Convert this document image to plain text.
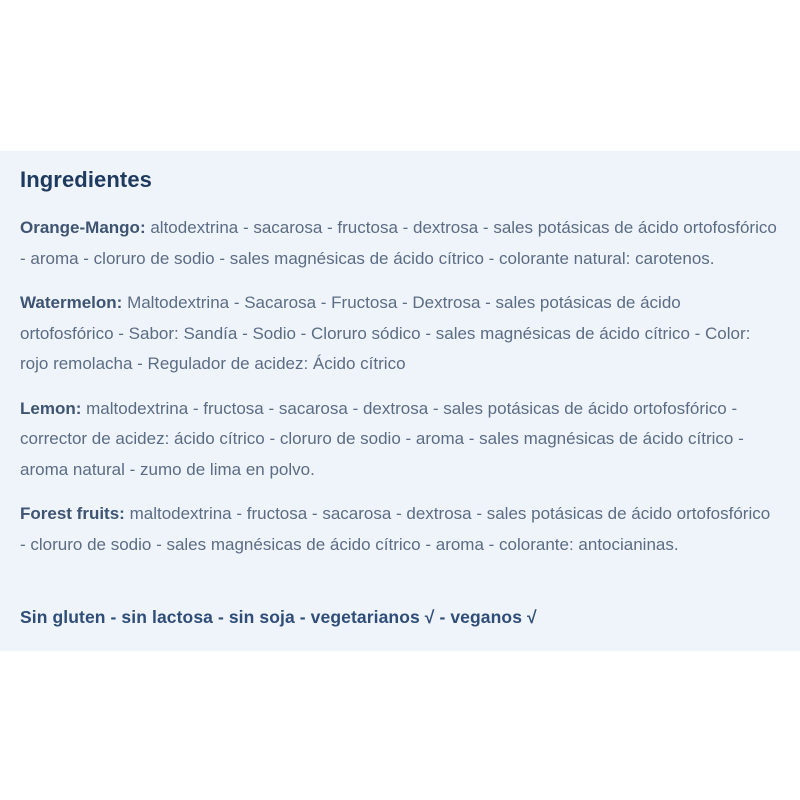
Ingredientes

Orange-Mango: altodextrina - sacarosa - fructosa - dextrosa - sales potásicas de ácido ortofosfórico - aroma - cloruro de sodio - sales magnésicas de ácido cítrico - colorante natural: carotenos.

Watermelon: Maltodextrina - Sacarosa - Fructosa - Dextrosa - sales potásicas de ácido ortofosfórico - Sabor: Sandía - Sodio - Cloruro sódico - sales magnésicas de ácido cítrico - Color: rojo remolacha - Regulador de acidez: Ácido cítrico

Lemon: maltodextrina - fructosa - sacarosa - dextrosa - sales potásicas de ácido ortofosfórico - corrector de acidez: ácido cítrico - cloruro de sodio - aroma - sales magnésicas de ácido cítrico - aroma natural - zumo de lima en polvo.

Forest fruits: maltodextrina - fructosa - sacarosa - dextrosa - sales potásicas de ácido ortofosfórico - cloruro de sodio - sales magnésicas de ácido cítrico - aroma - colorante: antocianinas.

Sin gluten - sin lactosa - sin soja - vegetarianos √ - veganos √
